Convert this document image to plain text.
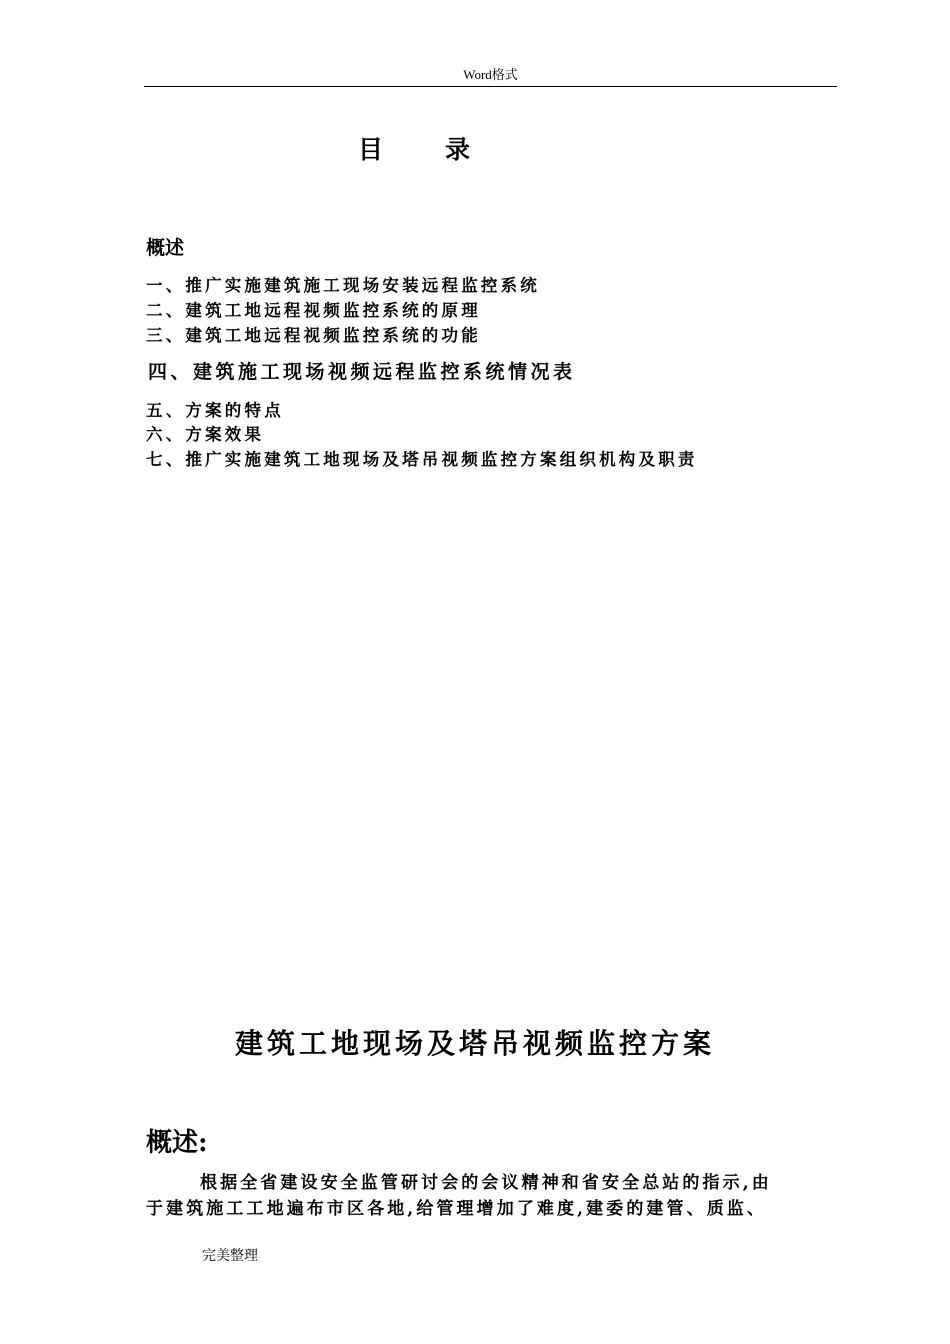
Word格式
目录
概述
一、推广实施建筑施工现场安装远程监控系统
二、建筑工地远程视频监控系统的原理
三、建筑工地远程视频监控系统的功能
四、建筑施工现场视频远程监控系统情况表
五、方案的特点
六、方案效果
七、推广实施建筑工地现场及塔吊视频监控方案组织机构及职责
建筑工地现场及塔吊视频监控方案
概述:
根据全省建设安全监管研讨会的会议精神和省安全总站的指示,由
于建筑施工工地遍布市区各地,给管理增加了难度,建委的建管、质监、
完美整理
